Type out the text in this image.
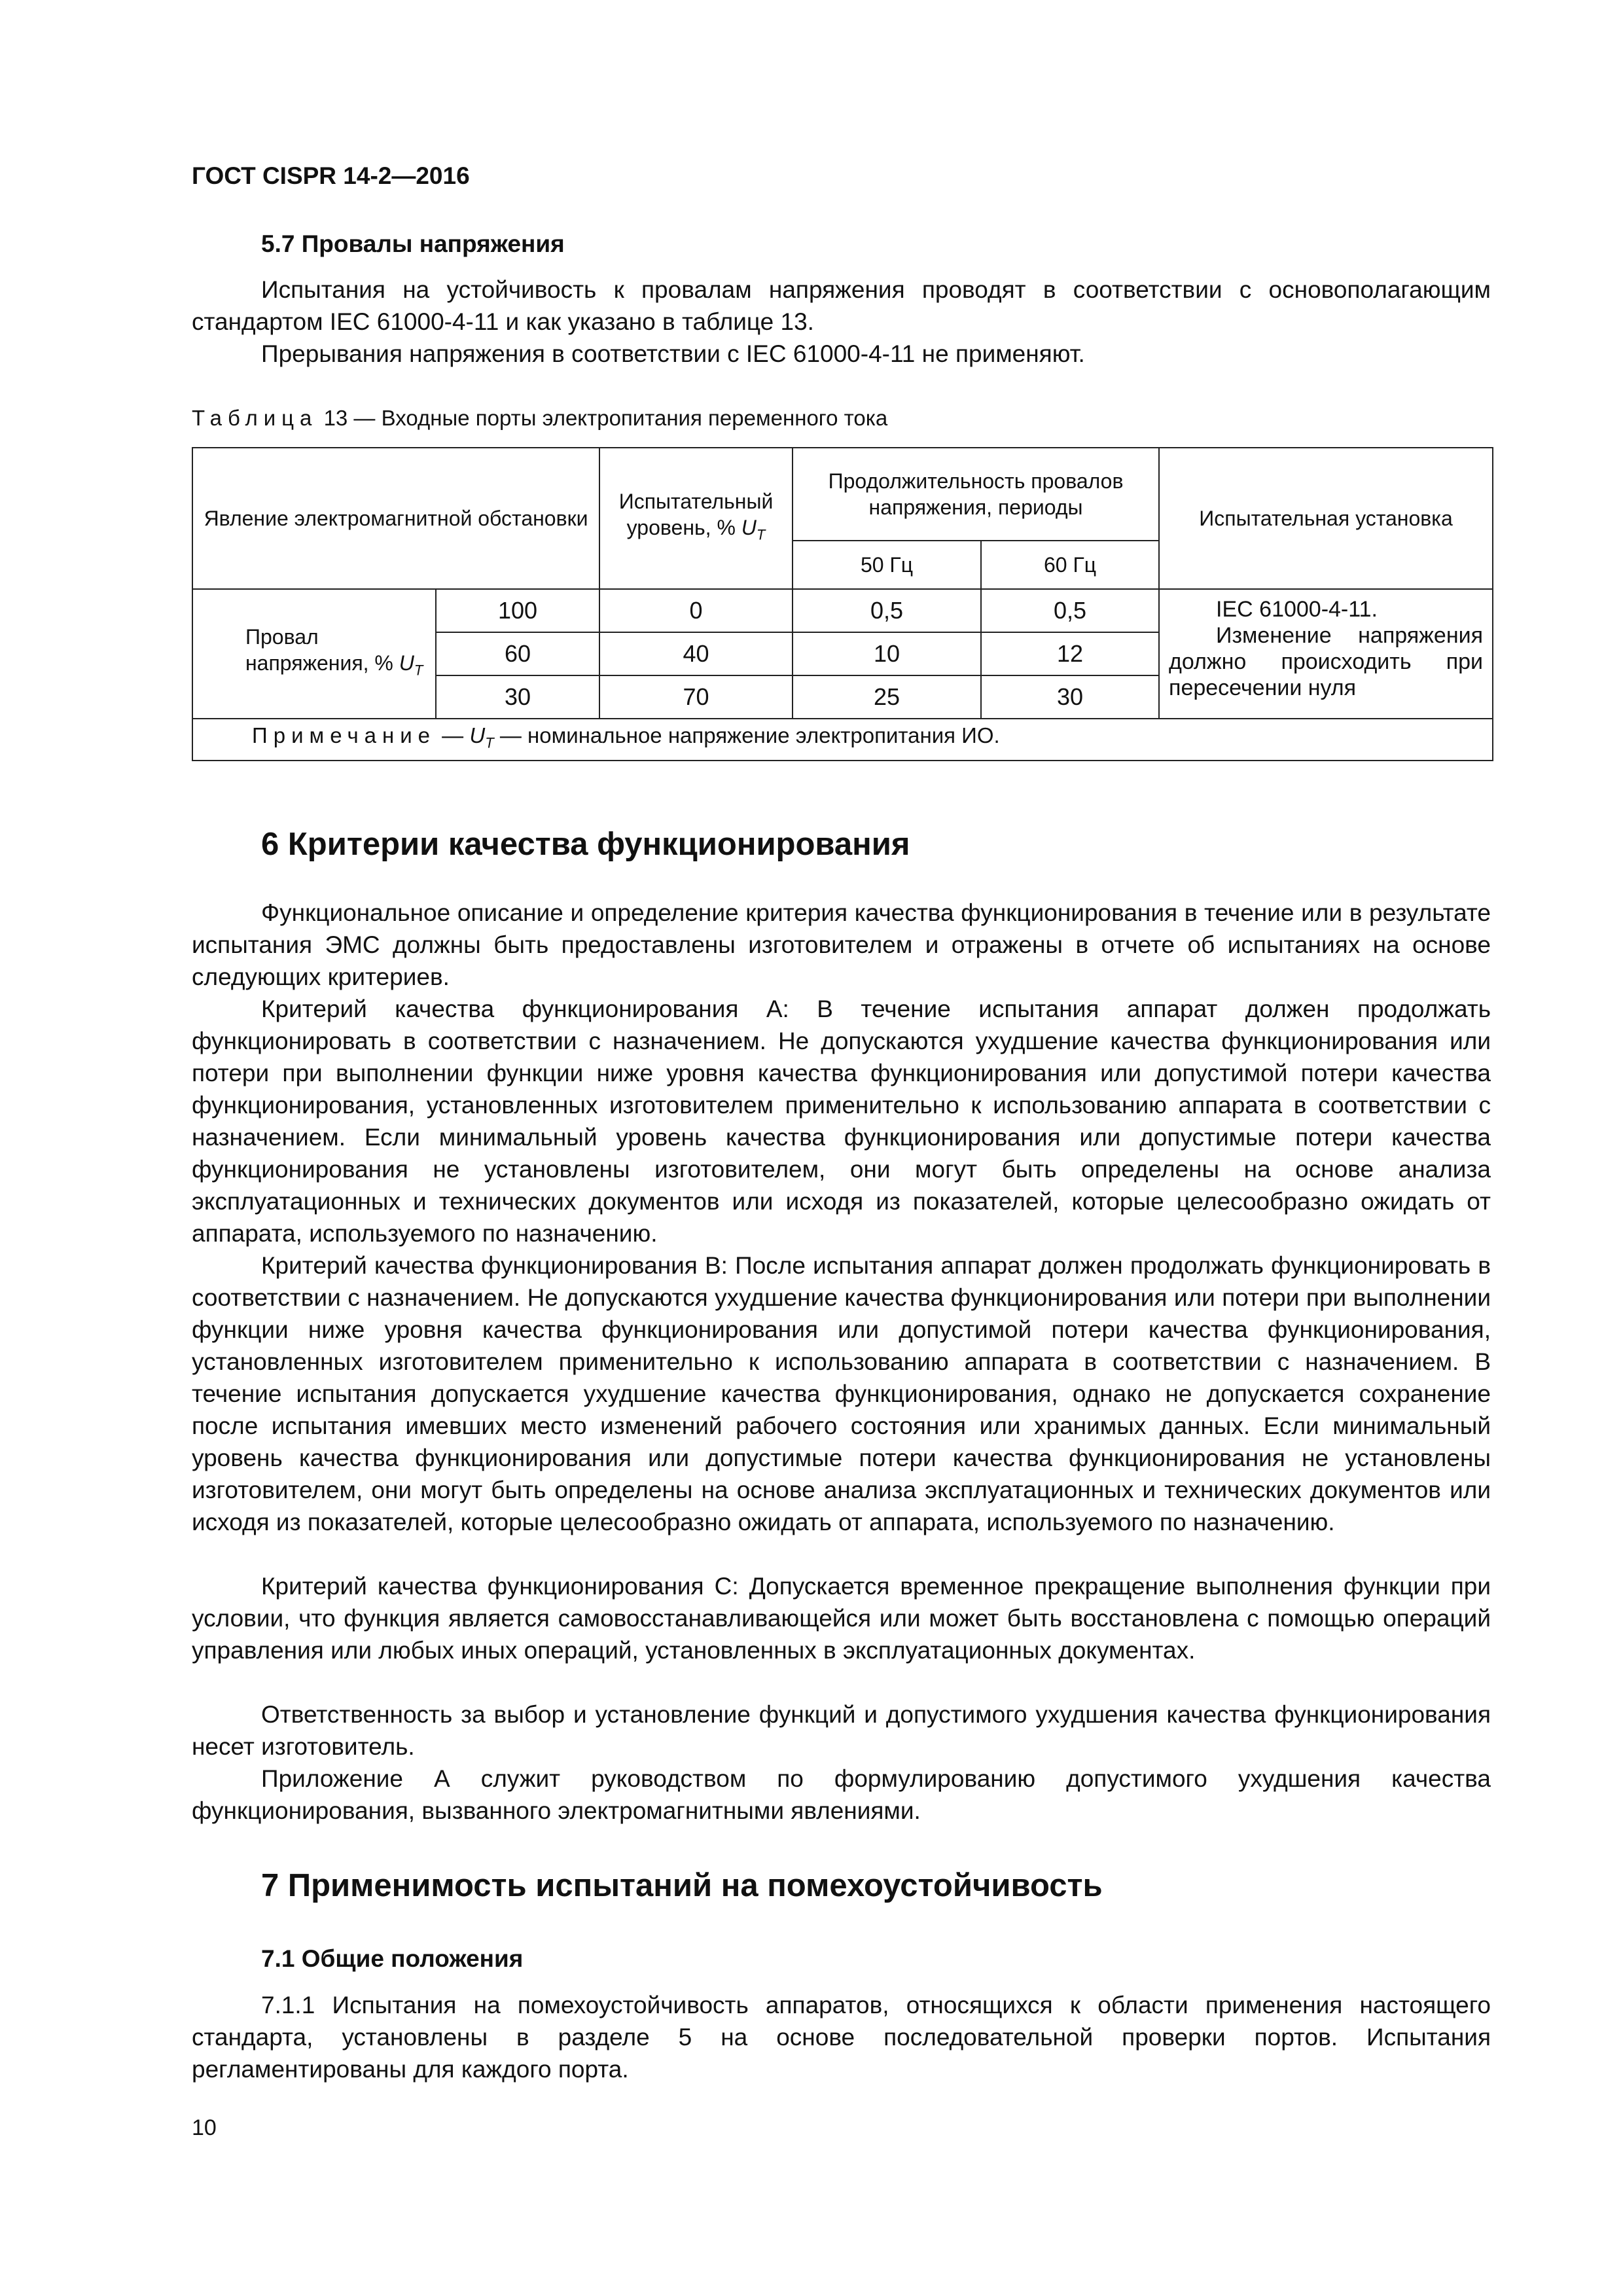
ГОСТ CISPR 14-2—2016
5.7 Провалы напряжения

Испытания на устойчивость к провалам напряжения проводят в соответствии с основополагающим стандартом IEC 61000-4-11 и как указано в таблице 13.

Прерывания напряжения в соответствии с IEC 61000-4-11 не применяют.

Таблица 13 — Входные порты электропитания переменного тока
Явление электромагнитной обстановки		Испытательный уровень, % $U_T$	Продолжительность провалов напряжения, периоды		Испытательная установка
			50 Гц	60 Гц	
Провал напряжения, % $U_T$	100	0	0,5	0,5	IEC 61000-4-11.
Изменение напряжения должно происходить при пересечении нуля

	60	40	10	12	
	30	70	25	30	
Примечание — $U_T$ — номинальное напряжение электропитания ИО.					
6 Критерии качества функционирования

Функциональное описание и определение критерия качества функционирования в течение или в результате испытания ЭМС должны быть предоставлены изготовителем и отражены в отчете об испытаниях на основе следующих критериев.

Критерий качества функционирования А: В течение испытания аппарат должен продолжать функционировать в соответствии с назначением. Не допускаются ухудшение качества функционирования или потери при выполнении функции ниже уровня качества функционирования или допустимой потери качества функционирования, установленных изготовителем применительно к использованию аппарата в соответствии с назначением. Если минимальный уровень качества функционирования или допустимые потери качества функционирования не установлены изготовителем, они могут быть определены на основе анализа эксплуатационных и технических документов или исходя из показателей, которые целесообразно ожидать от аппарата, используемого по назначению.

Критерий качества функционирования В: После испытания аппарат должен продолжать функционировать в соответствии с назначением. Не допускаются ухудшение качества функционирования или потери при выполнении функции ниже уровня качества функционирования или допустимой потери качества функционирования, установленных изготовителем применительно к использованию аппарата в соответствии с назначением. В течение испытания допускается ухудшение качества функционирования, однако не допускается сохранение после испытания имевших место изменений рабочего состояния или хранимых данных. Если минимальный уровень качества функционирования или допустимые потери качества функционирования не установлены изготовителем, они могут быть определены на основе анализа эксплуатационных и технических документов или исходя из показателей, которые целесообразно ожидать от аппарата, используемого по назначению.

Критерий качества функционирования С: Допускается временное прекращение выполнения функции при условии, что функция является самовосстанавливающейся или может быть восстановлена с помощью операций управления или любых иных операций, установленных в эксплуатационных документах.

Ответственность за выбор и установление функций и допустимого ухудшения качества функционирования несет изготовитель.

Приложение А служит руководством по формулированию допустимого ухудшения качества функционирования, вызванного электромагнитными явлениями.

7 Применимость испытаний на помехоустойчивость
7.1 Общие положения

7.1.1 Испытания на помехоустойчивость аппаратов, относящихся к области применения настоящего стандарта, установлены в разделе 5 на основе последовательной проверки портов. Испытания регламентированы для каждого порта.

10
